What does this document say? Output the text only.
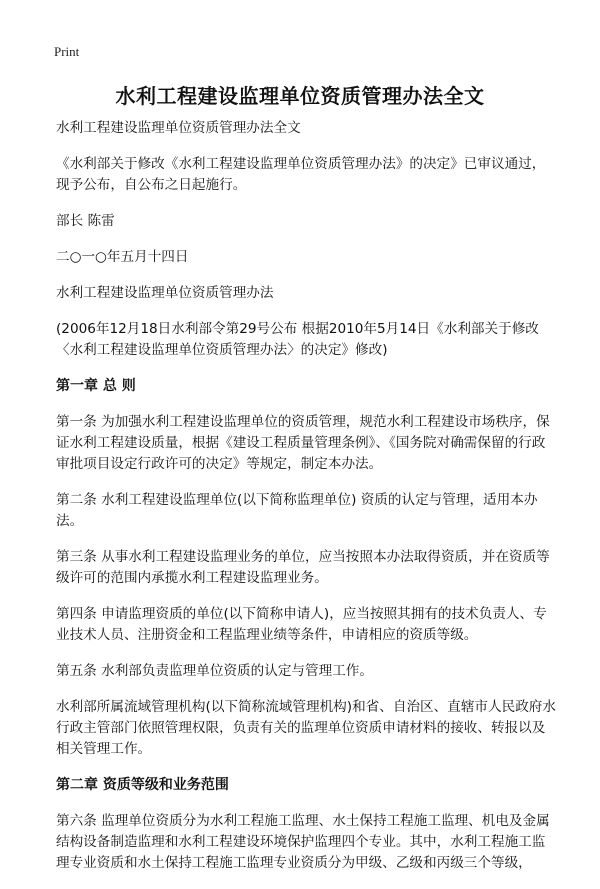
Print
水利工程建设监理单位资质管理办法全文

水利工程建设监理单位资质管理办法全文

《水利部关于修改《水利工程建设监理单位资质管理办法》的决定》已审议通过，现予公布，自公布之日起施行。

部长 陈雷

二○一○年五月十四日

水利工程建设监理单位资质管理办法

(2006年12月18日水利部令第29号公布 根据2010年5月14日《水利部关于修改〈水利工程建设监理单位资质管理办法〉的决定》修改)

第一章 总 则

第一条 为加强水利工程建设监理单位的资质管理，规范水利工程建设市场秩序，保证水利工程建设质量，根据《建设工程质量管理条例》、《国务院对确需保留的行政审批项目设定行政许可的决定》等规定，制定本办法。

第二条 水利工程建设监理单位(以下简称监理单位) 资质的认定与管理，适用本办法。

第三条 从事水利工程建设监理业务的单位，应当按照本办法取得资质，并在资质等级许可的范围内承揽水利工程建设监理业务。

第四条 申请监理资质的单位(以下简称申请人)，应当按照其拥有的技术负责人、专业技术人员、注册资金和工程监理业绩等条件，申请相应的资质等级。

第五条 水利部负责监理单位资质的认定与管理工作。

水利部所属流域管理机构(以下简称流域管理机构)和省、自治区、直辖市人民政府水行政主管部门依照管理权限，负责有关的监理单位资质申请材料的接收、转报以及相关管理工作。

第二章 资质等级和业务范围

第六条 监理单位资质分为水利工程施工监理、水土保持工程施工监理、机电及金属结构设备制造监理和水利工程建设环境保护监理四个专业。其中，水利工程施工监理专业资质和水土保持工程施工监理专业资质分为甲级、乙级和丙级三个等级，
